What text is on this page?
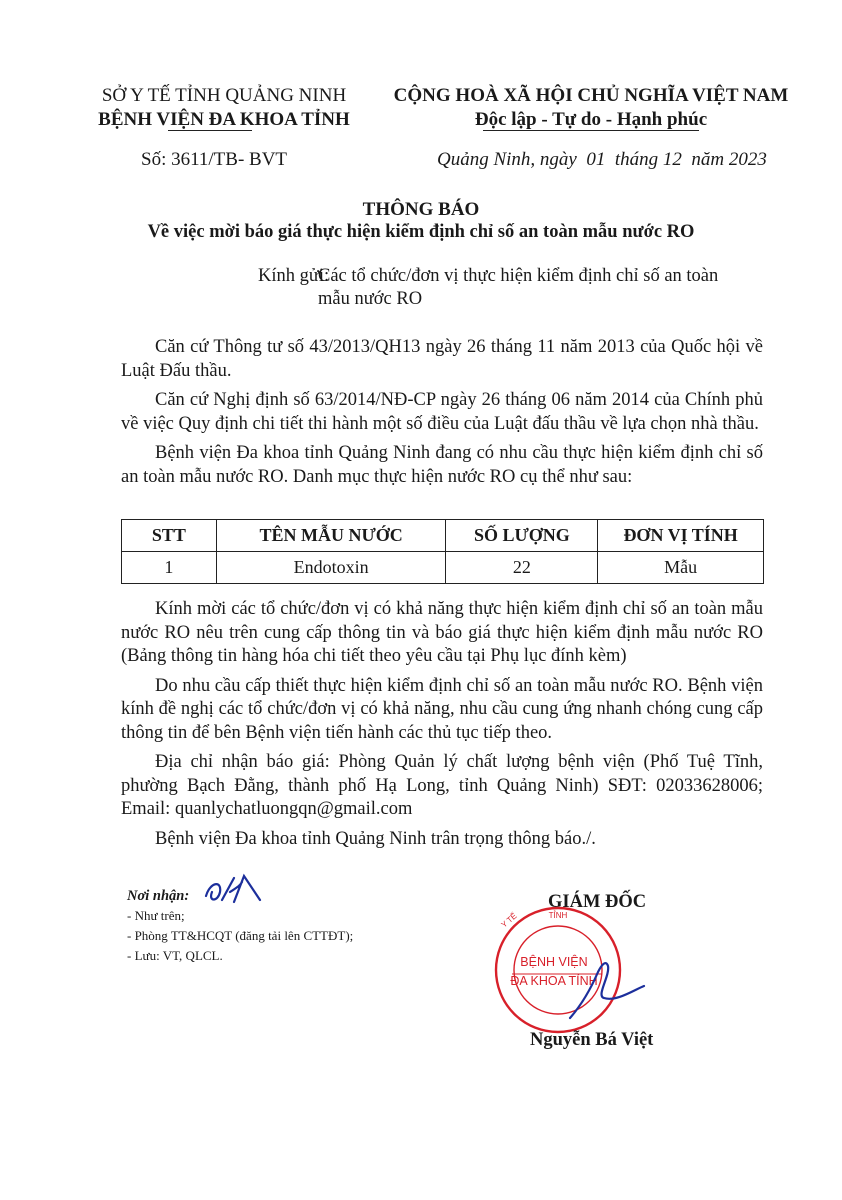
SỞ Y TẾ TỈNH QUẢNG NINH
BỆNH VIỆN ĐA KHOA TỈNH
CỘNG HOÀ XÃ HỘI CHỦ NGHĨA VIỆT NAM
Độc lập - Tự do - Hạnh phúc
Số: 3611/TB- BVT	Quảng Ninh, ngày  01  tháng 12  năm 2023
THÔNG BÁO
Về việc mời báo giá thực hiện kiểm định chỉ số an toàn mẫu nước RO
Kính gửi:
Các tổ chức/đơn vị thực hiện kiểm định chỉ số an toàn
mẫu nước RO

Căn cứ Thông tư số 43/2013/QH13 ngày 26 tháng 11 năm 2013 của Quốc hội về Luật Đấu thầu.

Căn cứ Nghị định số 63/2014/NĐ-CP ngày 26 tháng 06 năm 2014 của Chính phủ về việc Quy định chi tiết thi hành một số điều của Luật đấu thầu về lựa chọn nhà thầu.

Bệnh viện Đa khoa tỉnh Quảng Ninh đang có nhu cầu thực hiện kiểm định chỉ số an toàn mẫu nước RO. Danh mục thực hiện nước RO cụ thể như sau:

STT	TÊN MẪU NƯỚC	SỐ LƯỢNG	ĐƠN VỊ TÍNH
1	Endotoxin	22	Mẫu

Kính mời các tổ chức/đơn vị có khả năng thực hiện kiểm định chỉ số an toàn mẫu nước RO nêu trên cung cấp thông tin và báo giá thực hiện kiểm định mẫu nước RO (Bảng thông tin hàng hóa chi tiết theo yêu cầu tại Phụ lục đính kèm)

Do nhu cầu cấp thiết thực hiện kiểm định chỉ số an toàn mẫu nước RO. Bệnh viện kính đề nghị các tổ chức/đơn vị có khả năng, nhu cầu cung ứng nhanh chóng cung cấp thông tin để bên Bệnh viện tiến hành các thủ tục tiếp theo.

Địa chỉ nhận báo giá: Phòng Quản lý chất lượng bệnh viện (Phố Tuệ Tĩnh, phường Bạch Đằng, thành phố Hạ Long, tỉnh Quảng Ninh) SĐT: 02033628006; Email: quanlychatluongqn@gmail.com

Bệnh viện Đa khoa tỉnh Quảng Ninh trân trọng thông báo./.

Nơi nhận:
- Như trên;
- Phòng TT&HCQT (đăng tải lên CTTĐT);
- Lưu: VT, QLCL.
GIÁM ĐỐC
TỈNH
Y TẾ
BỆNH VIỆN
ĐA KHOA TỈNH
Nguyễn Bá Việt
